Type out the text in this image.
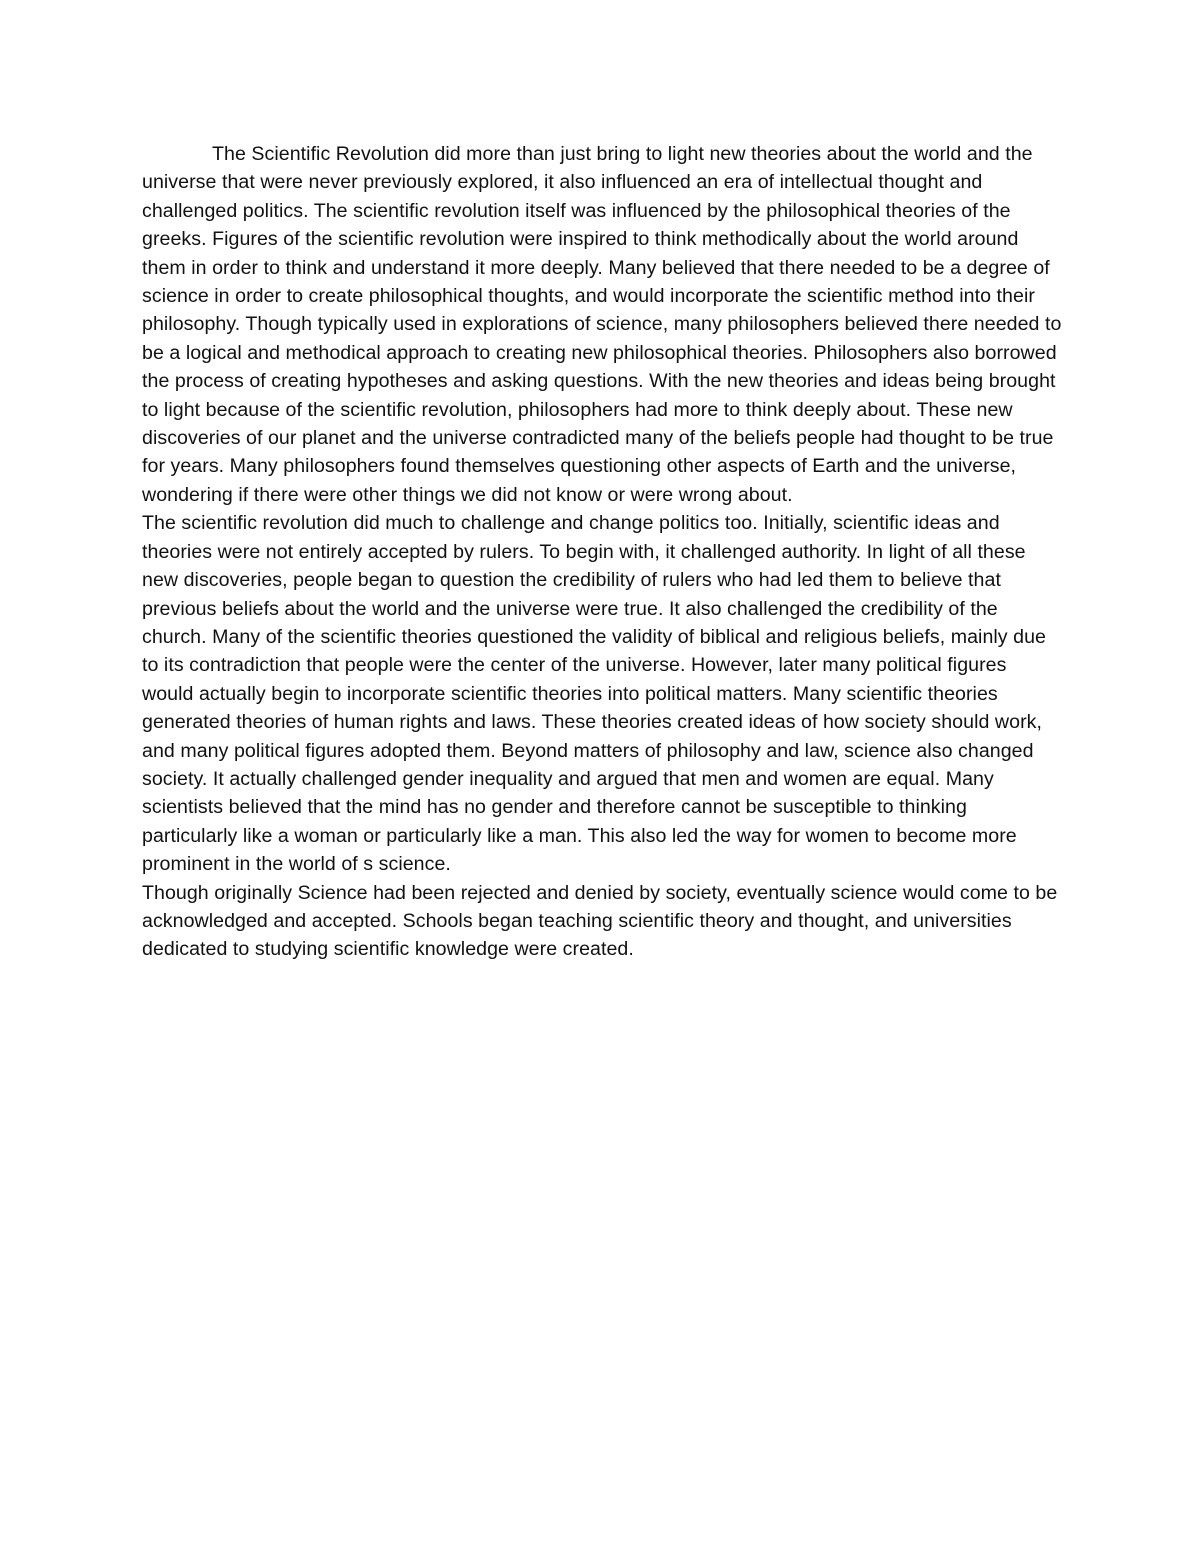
The Scientific Revolution did more than just bring to light new theories about the world and the universe that were never previously explored, it also influenced an era of intellectual thought and challenged politics. The scientific revolution itself was influenced by the philosophical theories of the greeks. Figures of the scientific revolution were inspired to think methodically about the world around them in order to think and understand it more deeply. Many believed that there needed to be a degree of science in order to create philosophical thoughts, and would incorporate the scientific method into their philosophy. Though typically used in explorations of science, many philosophers believed there needed to be a logical and methodical approach to creating new philosophical theories. Philosophers also borrowed the process of creating hypotheses and asking questions. With the new theories and ideas being brought to light because of the scientific revolution, philosophers had more to think deeply about. These new discoveries of our planet and the universe contradicted many of the beliefs people had thought to be true for years. Many philosophers found themselves questioning other aspects of Earth and the universe, wondering if there were other things we did not know or were wrong about.

The scientific revolution did much to challenge and change politics too. Initially, scientific ideas and theories were not entirely accepted by rulers. To begin with, it challenged authority. In light of all these new discoveries, people began to question the credibility of rulers who had led them to believe that previous beliefs about the world and the universe were true. It also challenged the credibility of the church. Many of the scientific theories questioned the validity of biblical and religious beliefs, mainly due to its contradiction that people were the center of the universe. However, later many political figures would actually begin to incorporate scientific theories into political matters. Many scientific theories generated theories of human rights and laws. These theories created ideas of how society should work, and many political figures adopted them. Beyond matters of philosophy and law, science also changed society. It actually challenged gender inequality and argued that men and women are equal. Many scientists believed that the mind has no gender and therefore cannot be susceptible to thinking particularly like a woman or particularly like a man. This also led the way for women to become more prominent in the world of s science.

Though originally Science had been rejected and denied by society, eventually science would come to be acknowledged and accepted. Schools began teaching scientific theory and thought, and universities dedicated to studying scientific knowledge were created.
